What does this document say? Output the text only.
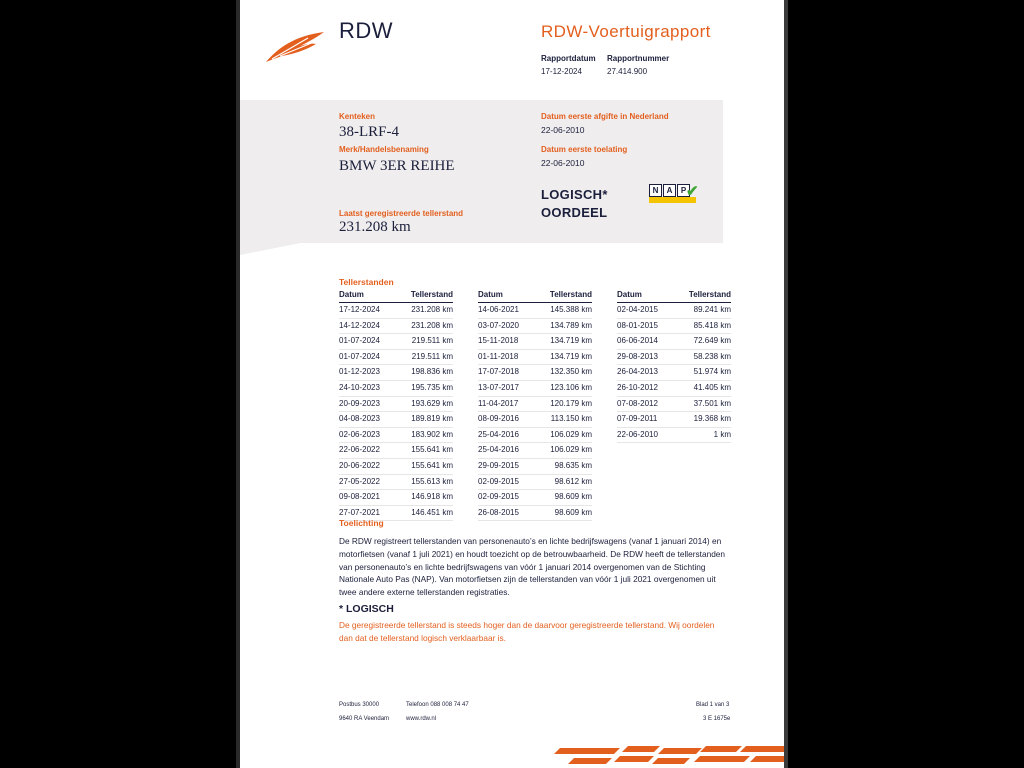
RDW	RDW-Voertuigrapport
Rapportdatum
17-12-2024
Rapportnummer
27.414.900
Kenteken
38-LRF-4
Merk/Handelsbenaming
BMW 3ER REIHE
Laatst geregistreerde tellerstand
231.208 km
Datum eerste afgifte in Nederland
22-06-2010
Datum eerste toelating
22-06-2010
LOGISCH*
OORDEEL
N	A	P ✔
Tellerstanden
Datum	Tellerstand
17-12-2024	231.208 km
14-12-2024	231.208 km
01-07-2024	219.511 km
01-07-2024	219.511 km
01-12-2023	198.836 km
24-10-2023	195.735 km
20-09-2023	193.629 km
04-08-2023	189.819 km
02-06-2023	183.902 km
22-06-2022	155.641 km
20-06-2022	155.641 km
27-05-2022	155.613 km
09-08-2021	146.918 km
27-07-2021	146.451 km
Datum	Tellerstand
14-06-2021	145.388 km
03-07-2020	134.789 km
15-11-2018	134.719 km
01-11-2018	134.719 km
17-07-2018	132.350 km
13-07-2017	123.106 km
11-04-2017	120.179 km
08-09-2016	113.150 km
25-04-2016	106.029 km
25-04-2016	106.029 km
29-09-2015	98.635 km
02-09-2015	98.612 km
02-09-2015	98.609 km
26-08-2015	98.609 km
Datum	Tellerstand
02-04-2015	89.241 km
08-01-2015	85.418 km
06-06-2014	72.649 km
29-08-2013	58.238 km
26-04-2013	51.974 km
26-10-2012	41.405 km
07-08-2012	37.501 km
07-09-2011	19.368 km
22-06-2010	1 km
Toelichting
De RDW registreert tellerstanden van personenauto’s en lichte bedrijfswagens (vanaf 1 januari 2014) en motorfietsen (vanaf 1 juli 2021) en houdt toezicht op de betrouwbaarheid. De RDW heeft de tellerstanden van personenauto’s en lichte bedrijfswagens van vóór 1 januari 2014 overgenomen van de Stichting Nationale Auto Pas (NAP). Van motorfietsen zijn de tellerstanden van vóór 1 juli 2021 overgenomen uit twee andere externe tellerstanden registraties.
* LOGISCH
De geregistreerde tellerstand is steeds hoger dan de daarvoor geregistreerde tellerstand. Wij oordelen dan dat de tellerstand logisch verklaarbaar is.
Postbus 30000
9640 RA Veendam
Telefoon 088 008 74 47
www.rdw.nl
Blad 1 van 3
3 E 1675e
